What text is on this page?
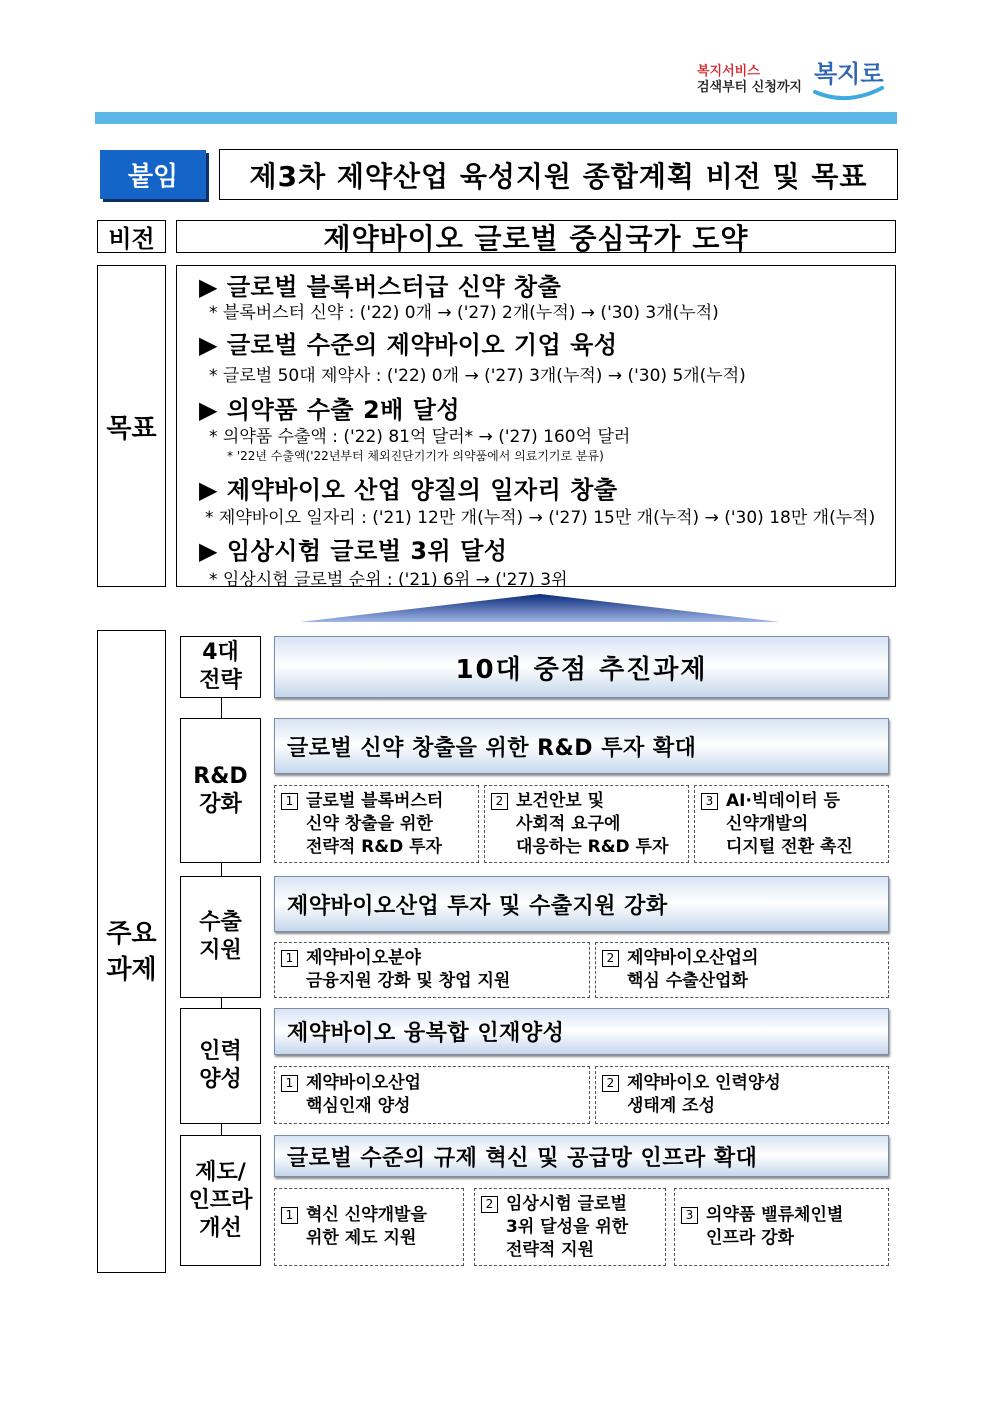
복지서비스
검색부터 신청까지 복지로
붙임	제3차 제약산업 육성지원 종합계획 비전 및 목표
비전	제약바이오 글로벌 중심국가 도약
목표
▶ 글로벌 블록버스터급 신약 창출
* 블록버스터 신약 : ('22) 0개 → ('27) 2개(누적) → ('30) 3개(누적)
▶ 글로벌 수준의 제약바이오 기업 육성
* 글로벌 50대 제약사 : ('22) 0개 → ('27) 3개(누적) → ('30) 5개(누적)
▶ 의약품 수출 2배 달성
* 의약품 수출액 : ('22) 81억 달러* → ('27) 160억 달러
* '22년 수출액('22년부터 체외진단기기가 의약품에서 의료기기로 분류)
▶ 제약바이오 산업 양질의 일자리 창출
* 제약바이오 일자리 : ('21) 12만 개(누적) → ('27) 15만 개(누적) → ('30) 18만 개(누적)
▶ 임상시험 글로벌 3위 달성
* 임상시험 글로벌 순위 : ('21) 6위 → ('27) 3위
주요
과제
4대
전략	10대 중점 추진과제
R&D
강화
글로벌 신약 창출을 위한 R&D 투자 확대
1 글로벌 블록버스터
신약 창출을 위한
전략적 R&D 투자
2 보건안보 및
사회적 요구에
대응하는 R&D 투자
3 AI·빅데이터 등
신약개발의
디지털 전환 촉진
수출
지원
제약바이오산업 투자 및 수출지원 강화
1 제약바이오분야
금융지원 강화 및 창업 지원
2 제약바이오산업의
핵심 수출산업화
인력
양성
제약바이오 융복합 인재양성
1 제약바이오산업
핵심인재 양성
2 제약바이오 인력양성
생태계 조성
제도/
인프라
개선
글로벌 수준의 규제 혁신 및 공급망 인프라 확대
1 혁신 신약개발을
위한 제도 지원
2 임상시험 글로벌
3위 달성을 위한
전략적 지원
3 의약품 밸류체인별
인프라 강화
